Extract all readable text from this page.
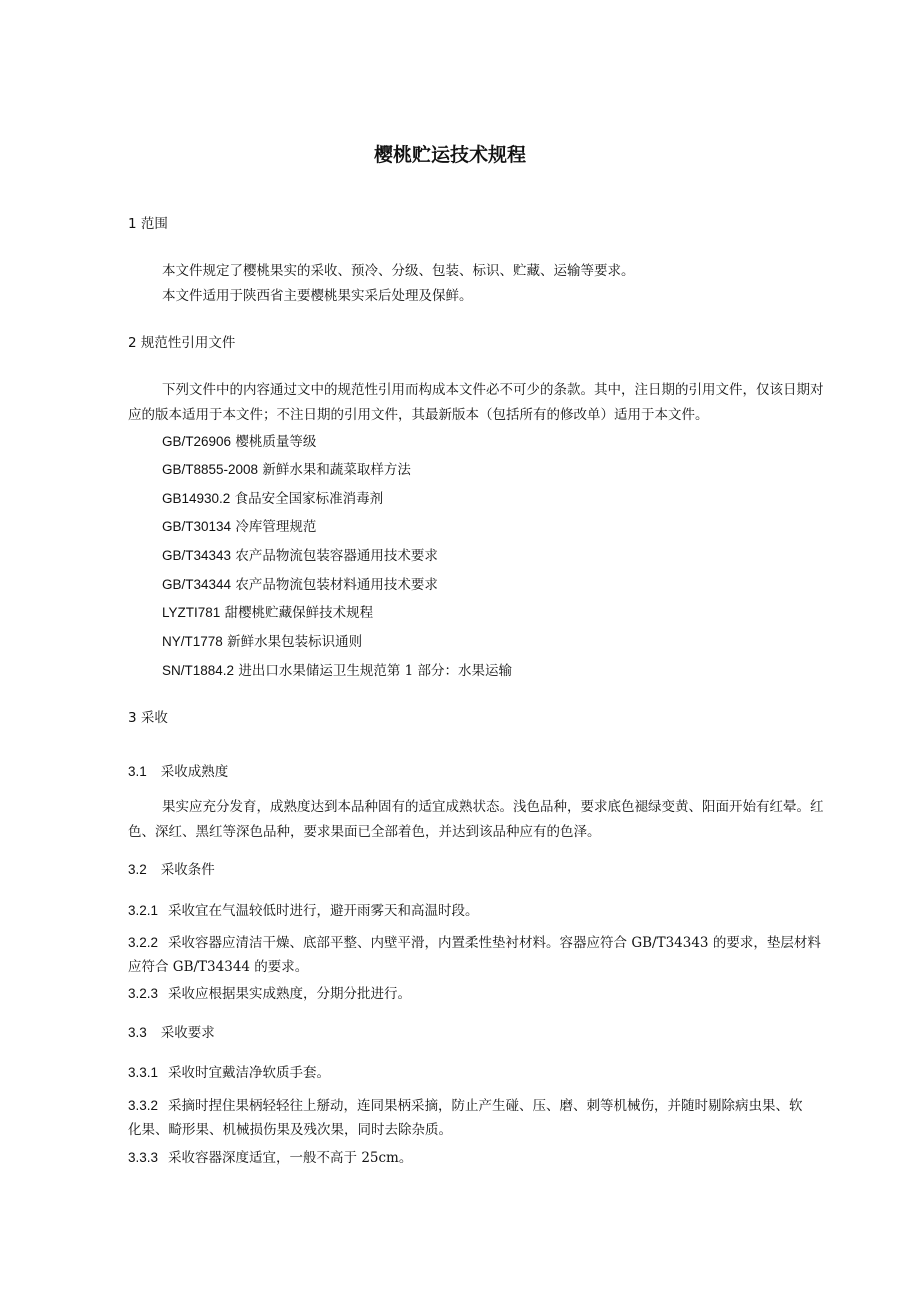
樱桃贮运技术规程
1 范围
本文件规定了樱桃果实的采收、预冷、分级、包装、标识、贮藏、运输等要求。
本文件适用于陕西省主要樱桃果实采后处理及保鲜。
2 规范性引用文件
下列文件中的内容通过文中的规范性引用而构成本文件必不可少的条款。其中，注日期的引用文件，仅该日期对
应的版本适用于本文件；不注日期的引用文件，其最新版本（包括所有的修改单）适用于本文件。
GB/T26906 樱桃质量等级
GB/T8855-2008 新鲜水果和蔬菜取样方法
GB14930.2 食品安全国家标准消毒剂
GB/T30134 冷库管理规范
GB/T34343 农产品物流包装容器通用技术要求
GB/T34344 农产品物流包装材料通用技术要求
LYZTI781 甜樱桃贮藏保鲜技术规程
NY/T1778 新鲜水果包装标识通则
SN/T1884.2 进出口水果储运卫生规范第 1 部分：水果运输
3 采收
3.1 采收成熟度
果实应充分发育，成熟度达到本品种固有的适宜成熟状态。浅色品种，要求底色褪绿变黄、阳面开始有红晕。红
色、深红、黑红等深色品种，要求果面已全部着色，并达到该品种应有的色泽。
3.2 采收条件
3.2.1 采收宜在气温较低时进行，避开雨雾天和高温时段。
3.2.2 采收容器应清洁干燥、底部平整、内壁平滑，内置柔性垫衬材料。容器应符合 GB/T34343 的要求，垫层材料
应符合 GB/T34344 的要求。
3.2.3 采收应根据果实成熟度，分期分批进行。
3.3 采收要求
3.3.1 采收时宜戴洁净软质手套。
3.3.2 采摘时捏住果柄轻轻往上掰动，连同果柄采摘，防止产生碰、压、磨、刺等机械伤，并随时剔除病虫果、软
化果、畸形果、机械损伤果及残次果，同时去除杂质。
3.3.3 采收容器深度适宜，一般不高于 25cm。
